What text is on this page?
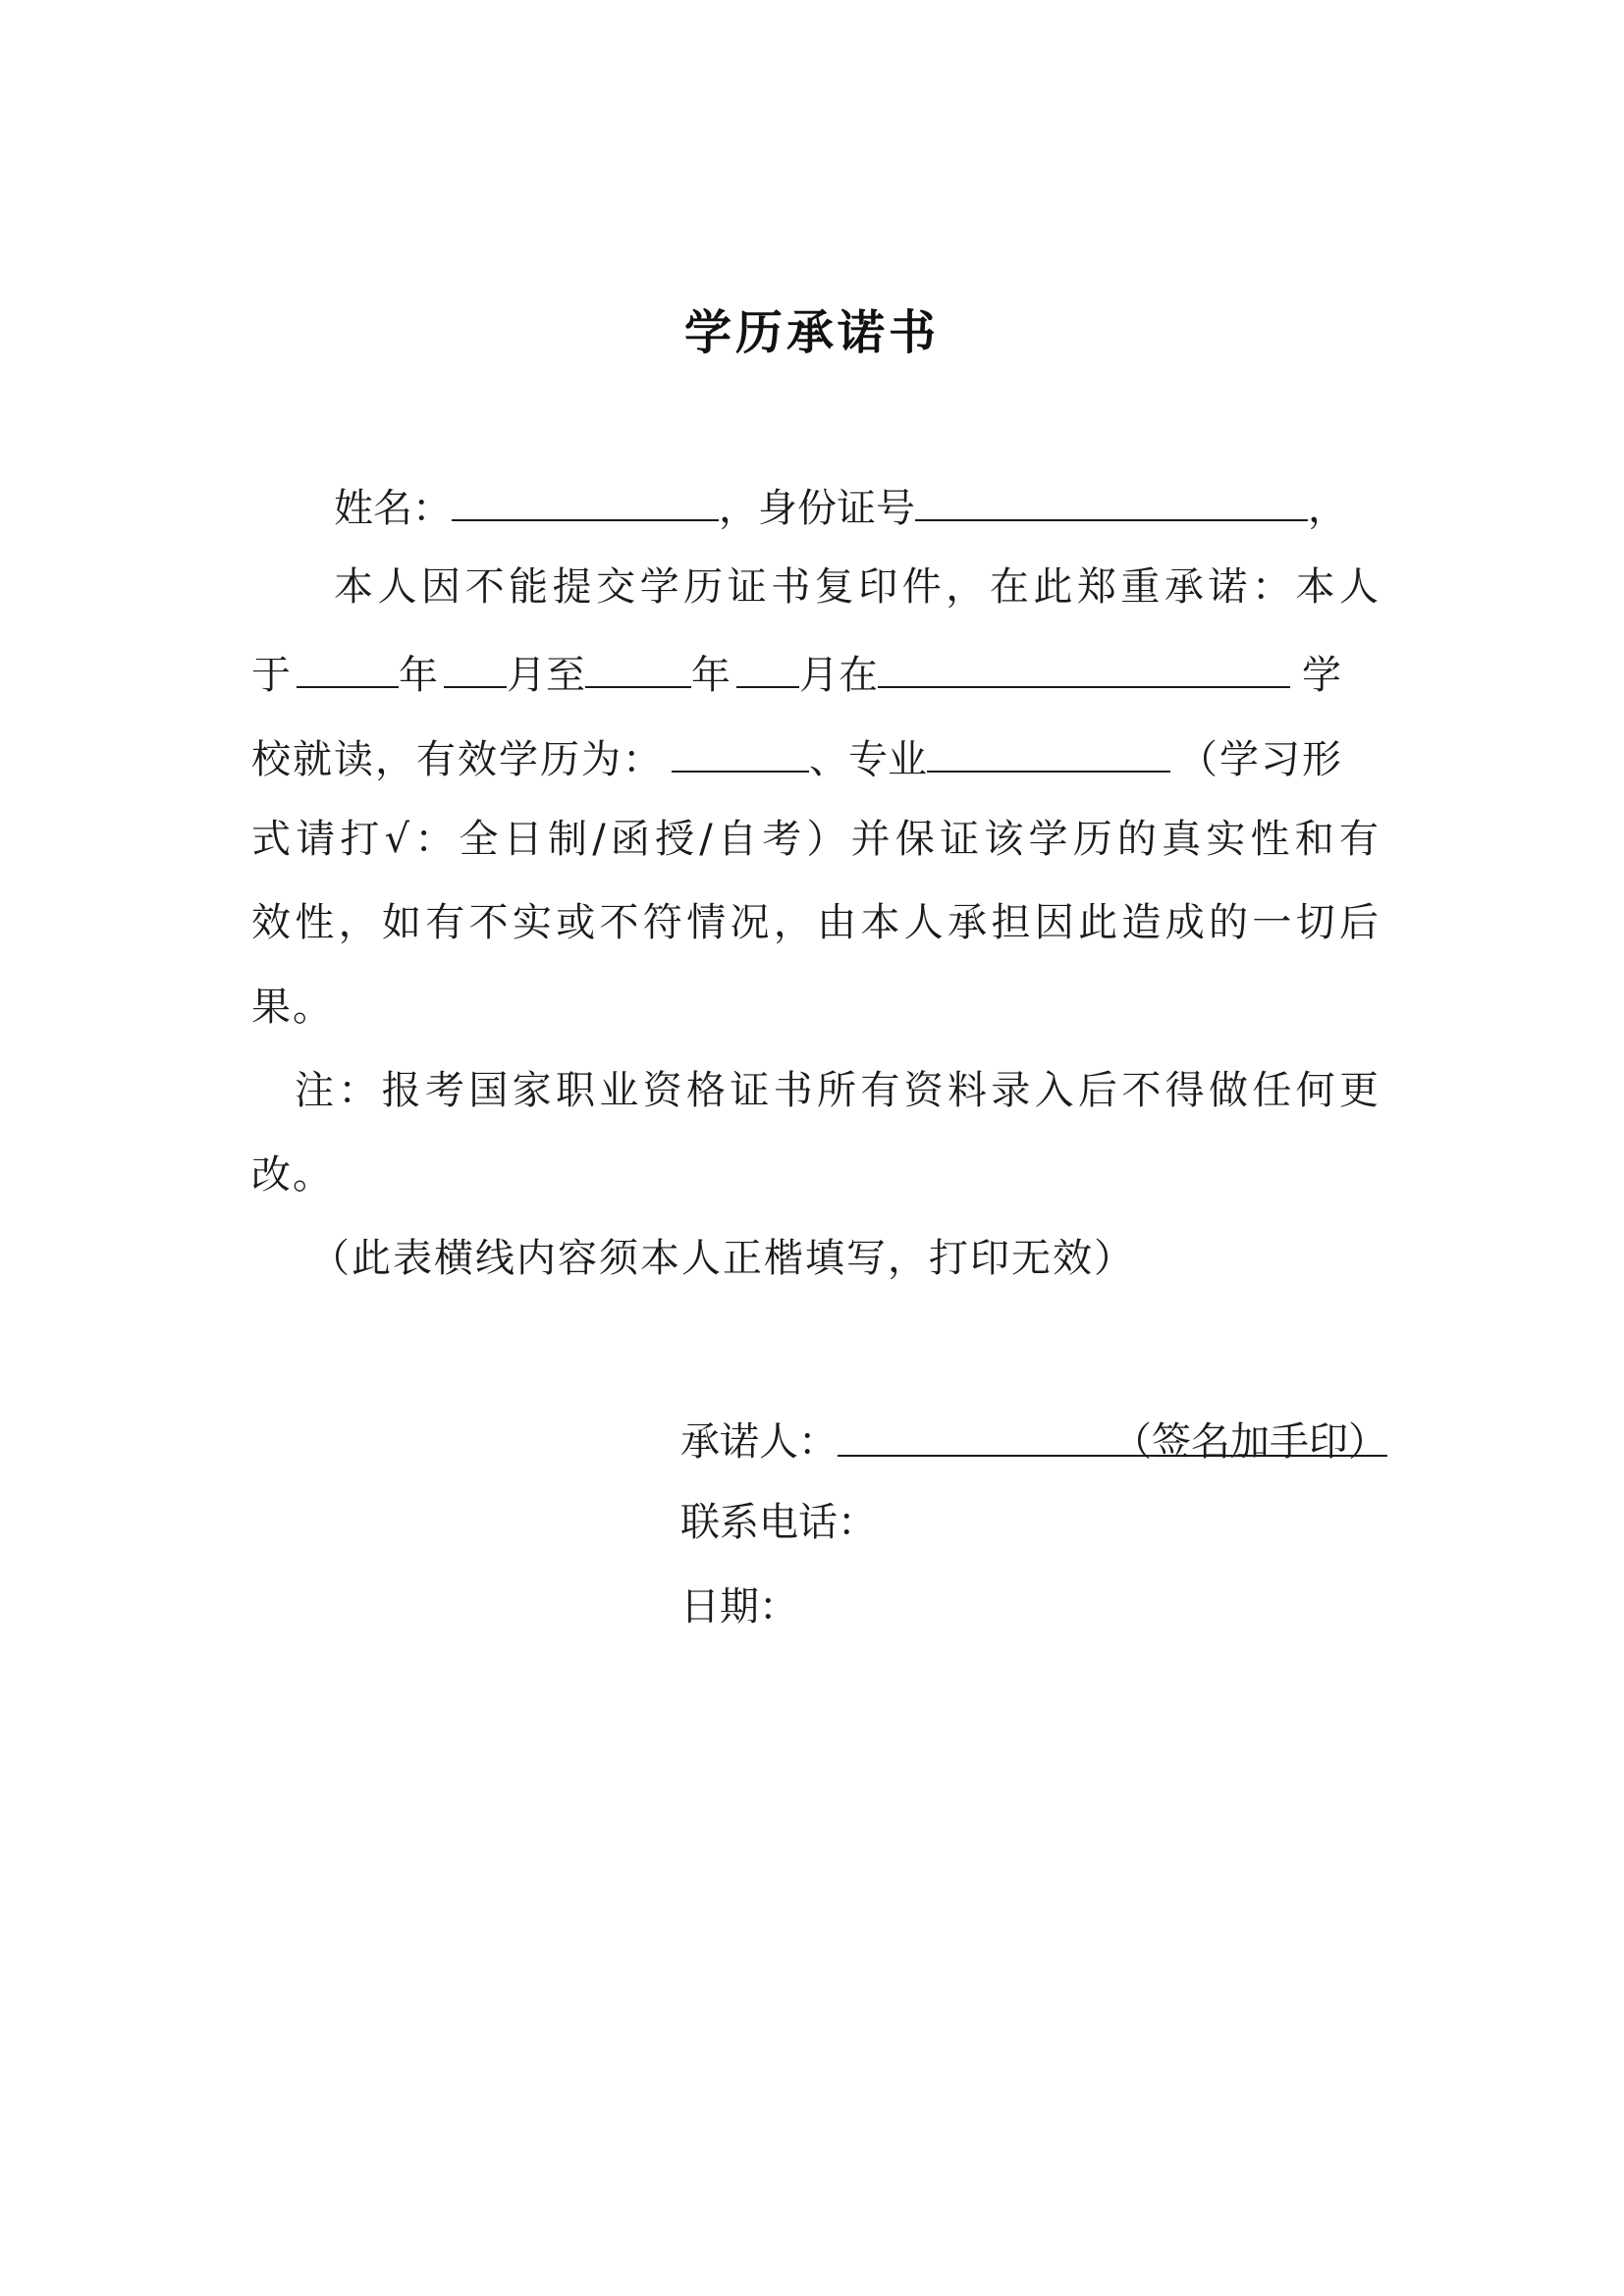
学历承诺书
姓名：	，身份证号	，
本人因不能提交学历证书复印件，在此郑重承诺：本人
于	年 月至	年 月在	学
校就读，有效学历为：	、专业	（学习形
式请打√：全日制/函授/自考）并保证该学历的真实性和有
效性，如有不实或不符情况，由本人承担因此造成的一切后
果。
注：报考国家职业资格证书所有资料录入后不得做任何更
改。
（此表横线内容须本人正楷填写，打印无效）
承诺人：	（签名加手印）
联系电话：
日期：
